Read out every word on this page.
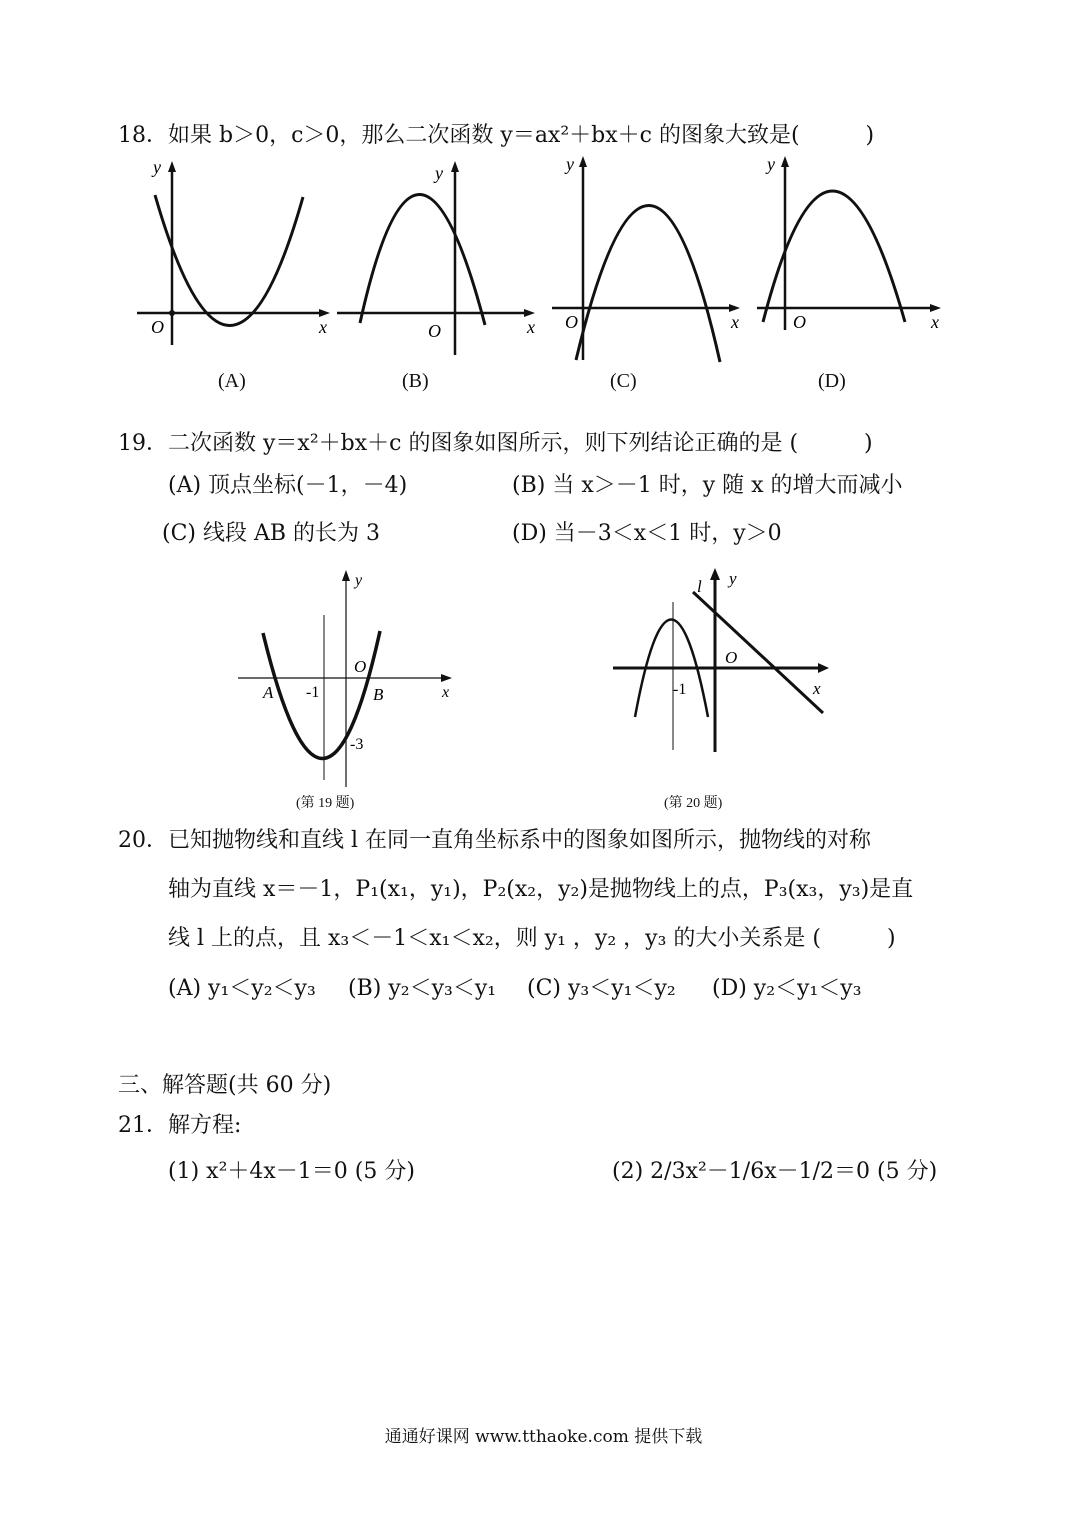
18．如果 b＞0，c＞0，那么二次函数 y＝ax²＋bx＋c 的图象大致是(　　　)
y
x
O
(A)
y
x
O
(B)
y
x
O
(C)
y
x
O
(D)
19．二次函数 y＝x²＋bx＋c 的图象如图所示，则下列结论正确的是 (　　　)
(A) 顶点坐标(－1，－4)	(B) 当 x＞－1 时，y 随 x 的增大而减小
(C) 线段 AB 的长为 3	(D) 当－3＜x＜1 时，y＞0
y
x
O
A	B
-1
-3
(第 19 题)
l y
x
O
-1
(第 20 题)
20．已知抛物线和直线 l 在同一直角坐标系中的图象如图所示，抛物线的对称
轴为直线 x＝－1，P₁(x₁，y₁)，P₂(x₂，y₂)是抛物线上的点，P₃(x₃，y₃)是直
线 l 上的点，且 x₃＜－1＜x₁＜x₂，则 y₁ ，y₂ ，y₃ 的大小关系是 (　　　)
(A) y₁＜y₂＜y₃ (B) y₂＜y₃＜y₁ (C) y₃＜y₁＜y₂ (D) y₂＜y₁＜y₃
三、解答题(共 60 分)
21．解方程:
(1) x²＋4x－1＝0 (5 分)	(2) 2/3x²－1/6x－1/2＝0 (5 分)
通通好课网 www.tthaoke.com 提供下载
